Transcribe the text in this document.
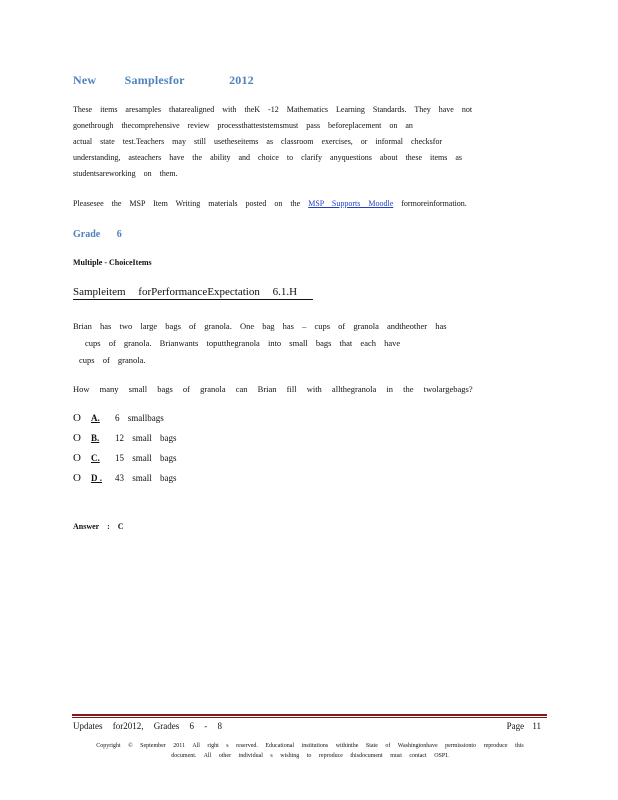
New Samplesfor	2012

These items aresamples thatarealigned with theK -12 Mathematics Learning Standards. They have not

gonethrough thecomprehensive review processthatteststemsmust pass beforeplacement on an

actual state test.Teachers may still usetheseitems as classroom exercises, or informal checksfor

understanding, asteachers have the ability and choice to clarify anyquestions about these items as

studentsareworking on them.

Pleasesee the MSP Item Writing materials posted on the MSP Supports Moodle formoreinformation.
Grade 6
Multiple - ChoiceItems
Sampleitem forPerformanceExpectation 6.1.H

Brian has two large bags of granola. One bag has – cups of granola andtheother has

cups of granola. Brianwants toputthegranola into small bags that each have

cups of granola.

How many small bags of granola can Brian fill with allthegranola in the twolargebags?
O	A.	6 smallbags
O	B.	12 small bags
O	C.	15 small bags
O	D .	43 small bags
Answer : C
Updates for2012, Grades 6 - 8	Page 11

Copyright © September 2011 All right s reserved. Educational institutions withinthe State of Washingtonhave permissionto reproduce this

document. All other individual s wishing to reproduce thisdocument must contact OSPI.
